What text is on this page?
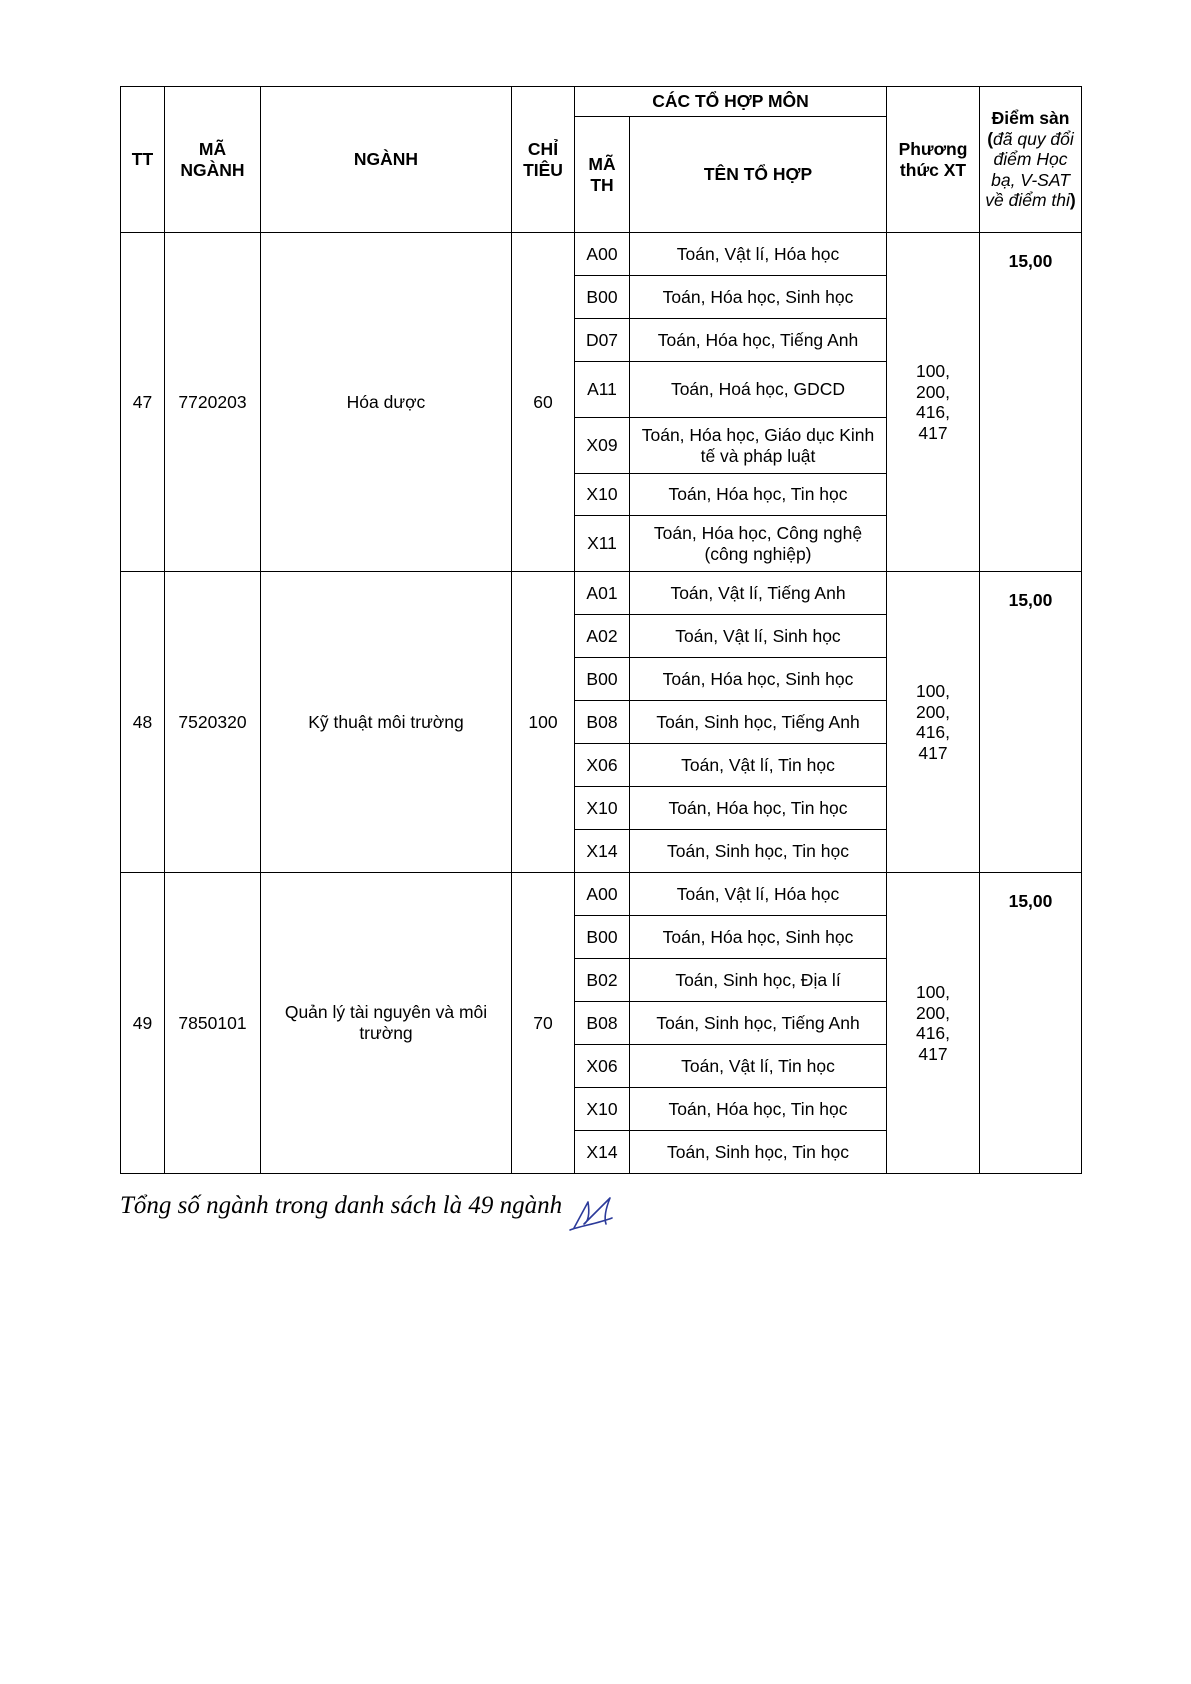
TT	MÃ NGÀNH	NGÀNH	CHỈ TIÊU	CÁC TỔ HỢP MÔN		Phương thức XT	Điểm sàn
(đã quy đổi điểm Học bạ, V-SAT về điểm thi)
				MÃ TH	TÊN TỔ HỢP		
47	7720203	Hóa dược	60	A00	Toán, Vật lí, Hóa học	100, 200, 416, 417	15,00
				B00	Toán, Hóa học, Sinh học		
				D07	Toán, Hóa học, Tiếng Anh		
				A11	Toán, Hoá học, GDCD		
				X09	Toán, Hóa học, Giáo dục Kinh tế và pháp luật		
				X10	Toán, Hóa học, Tin học		
				X11	Toán, Hóa học, Công nghệ (công nghiệp)		
48	7520320	Kỹ thuật môi trường	100	A01	Toán, Vật lí, Tiếng Anh	100, 200, 416, 417	15,00
				A02	Toán, Vật lí, Sinh học		
				B00	Toán, Hóa học, Sinh học		
				B08	Toán, Sinh học, Tiếng Anh		
				X06	Toán, Vật lí, Tin học		
				X10	Toán, Hóa học, Tin học		
				X14	Toán, Sinh học, Tin học		
49	7850101	Quản lý tài nguyên và môi trường	70	A00	Toán, Vật lí, Hóa học	100, 200, 416, 417	15,00
				B00	Toán, Hóa học, Sinh học		
				B02	Toán, Sinh học, Địa lí		
				B08	Toán, Sinh học, Tiếng Anh		
				X06	Toán, Vật lí, Tin học		
				X10	Toán, Hóa học, Tin học		
				X14	Toán, Sinh học, Tin học		
Tổng số ngành trong danh sách là 49 ngành
